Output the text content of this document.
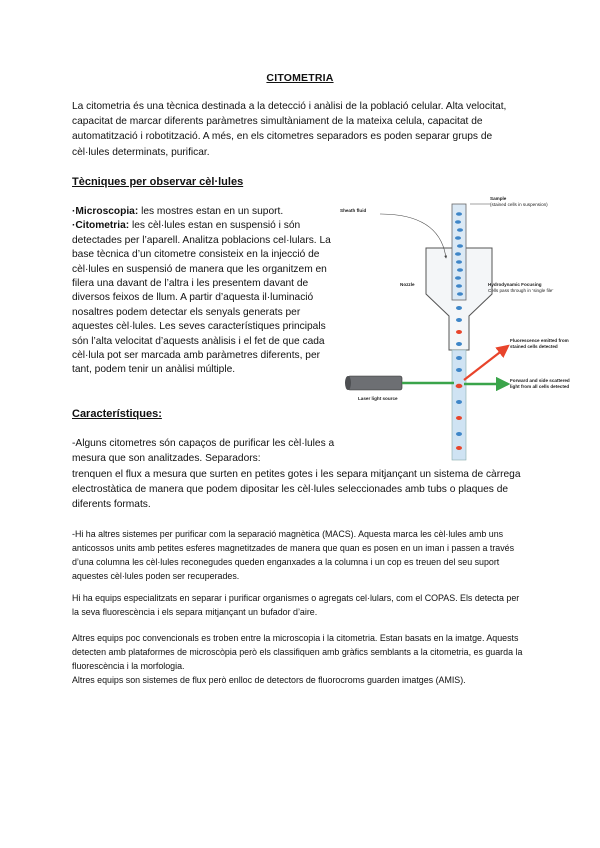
CITOMETRIA

La citometria és una tècnica destinada a la detecció i anàlisi de la població celular. Alta velocitat, capacitat de marcar diferents paràmetres simultàniament de la mateixa celula, capacitat de automatització i robotització. A més, en els citometres separadors es poden separar grups de cèl·lules determinats, purificar.

Tècniques per observar cèl·lules

·Microscopia: les mostres estan en un suport.
·Citometria: les cèl·lules estan en suspensió i són detectades per l’aparell. Analitza poblacions cel·lulars. La base tècnica d’un citometre consisteix en la injecció de cèl·lules en suspensió de manera que les organitzem en filera una davant de l’altra i les presentem davant de diversos feixos de llum. A partir d’aquesta il·luminació nosaltres podem detectar els senyals generats per aquestes cèl·lules. Les seves característiques principals són l’alta velocitat d’aquests anàlisis i el fet de que cada cèl·lula pot ser marcada amb paràmetres diferents, per tant, podem tenir un anàlisi múltiple.

Característiques:

-Alguns citometres són capaços de purificar les cèl·lules a mesura que son analitzades. Separadors:

trenquen el flux a mesura que surten en petites gotes i les separa mitjançant un sistema de càrrega electrostàtica de manera que podem dipositar les cèl·lules seleccionades amb tubs o plaques de diferents formats.

-Hi ha altres sistemes per purificar com la separació magnètica (MACS). Aquesta marca les cèl·lules amb uns anticossos units amb petites esferes magnetitzades de manera que quan es posen en un iman i passen a través d’una columna les cèl·lules reconegudes queden enganxades a la columna i un cop es treuen del seu suport aquestes cèl·lules poden ser recuperades.

Hi ha equips especialitzats en separar i purificar organismes o agregats cel·lulars, com el COPAS. Els detecta per la seva fluorescència i els separa mitjançant un bufador d’aire.

Altres equips poc convencionals es troben entre la microscopia i la citometria. Estan basats en la imatge. Aquests detecten amb plataformes de microscòpia però els classifiquen amb gràfics semblants a la citometria, es guarda la fluorescència i la morfologia.

Altres equips son sistemes de flux però enlloc de detectors de fluorocroms guarden imatges (AMIS).

Sheath fluid
Sample
(stained cells in suspension)
Nozzle	Hydrodynamic Focusing
Cells pass through in ‘single file’
Fluorescence emitted from
stained cells detected
Forward and side scattered
light from all cells detected
Laser light source
